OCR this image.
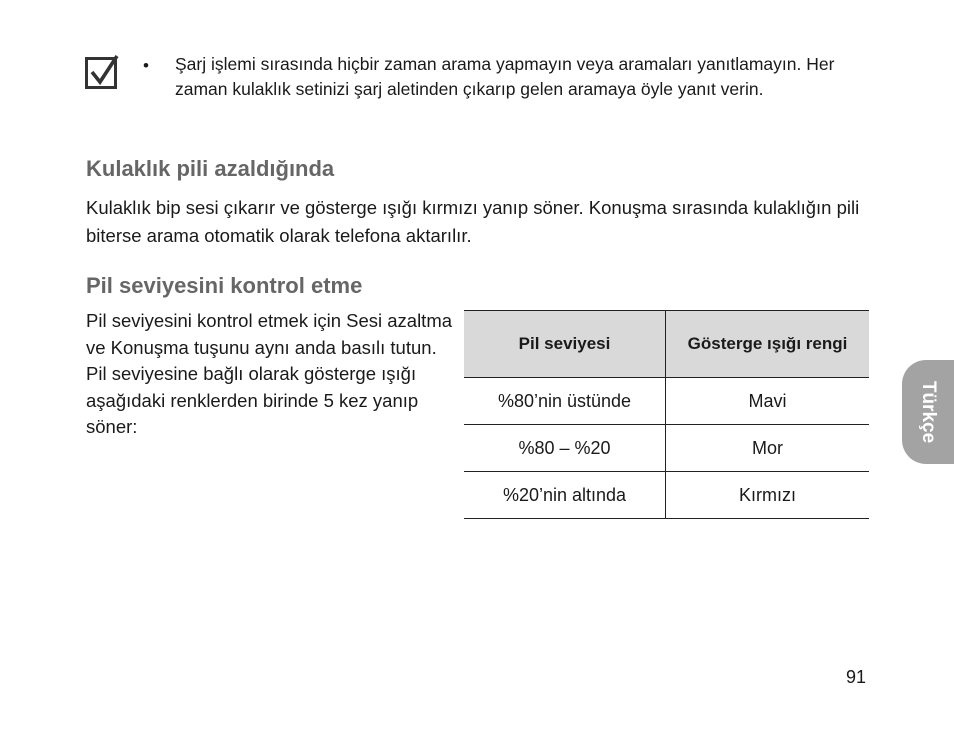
• Şarj işlemi sırasında hiçbir zaman arama yapmayın veya aramaları yanıtlamayın. Her zaman kulaklık setinizi şarj aletinden çıkarıp gelen aramaya öyle yanıt verin.

Kulaklık pili azaldığında

Kulaklık bip sesi çıkarır ve gösterge ışığı kırmızı yanıp söner. Konuşma sırasında kulaklığın pili biterse arama otomatik olarak telefona aktarılır.

Pil seviyesini kontrol etme

Pil seviyesini kontrol etmek için Sesi azaltma ve Konuşma tuşunu aynı anda basılı tutun. Pil seviyesine bağlı olarak gösterge ışığı aşağıdaki renklerden birinde 5 kez yanıp söner:

Pil seviyesi	Gösterge ışığı rengi
%80’nin üstünde	Mavi
%80 – %20	Mor
%20’nin altında	Kırmızı
Türkçe
91
